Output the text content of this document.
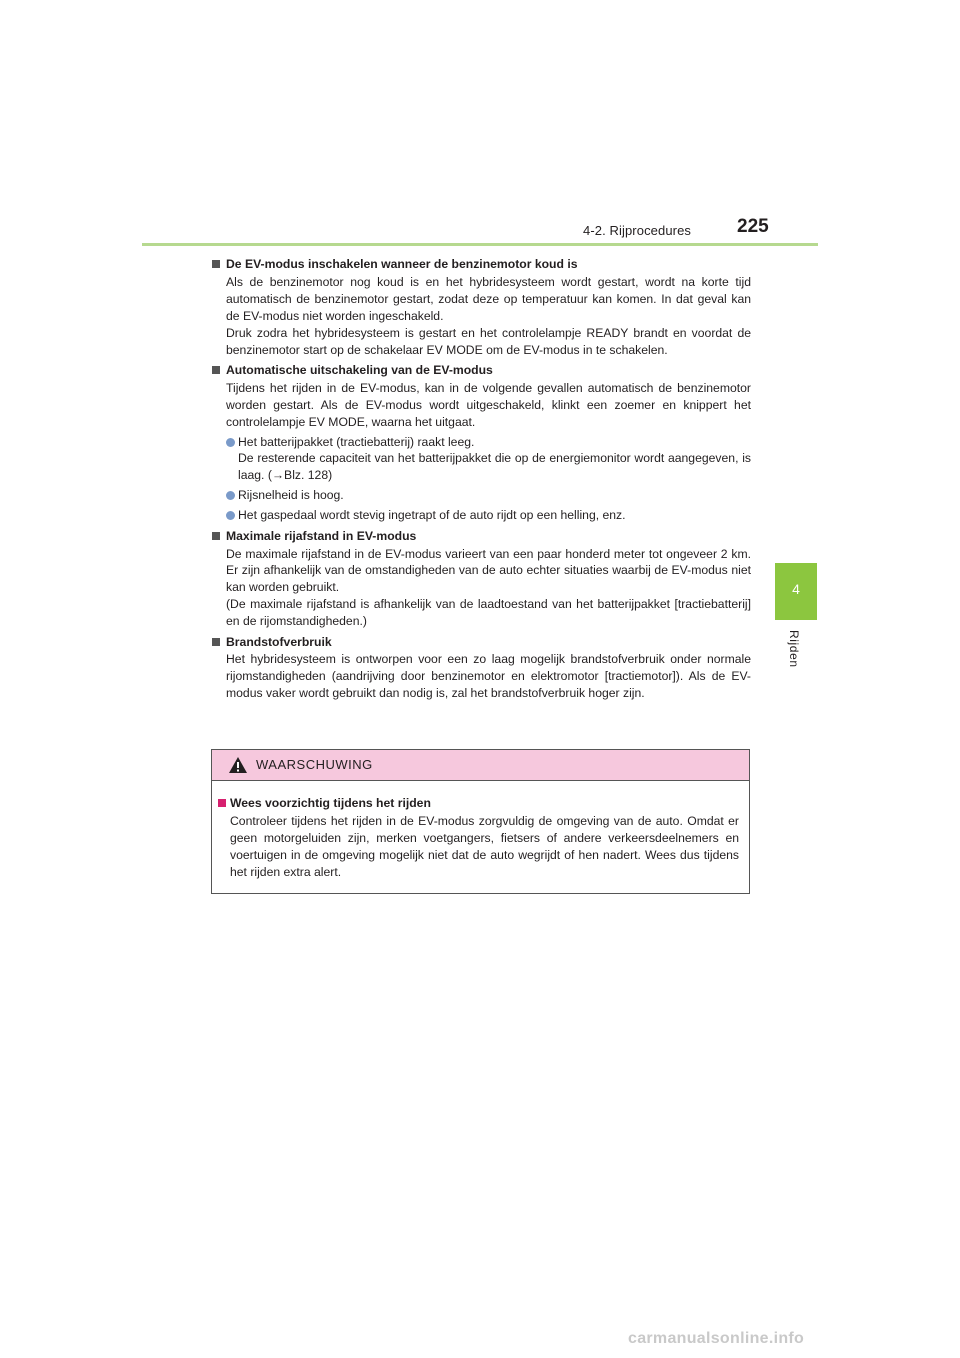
4-2. Rijprocedures 225
4
Rijden
De EV-modus inschakelen wanneer de benzinemotor koud is
Als de benzinemotor nog koud is en het hybridesysteem wordt gestart, wordt na korte tijd automatisch de benzinemotor gestart, zodat deze op temperatuur kan komen. In dat geval kan de EV-modus niet worden ingeschakeld.
Druk zodra het hybridesysteem is gestart en het controlelampje READY brandt en voordat de benzinemotor start op de schakelaar EV MODE om de EV-modus in te schakelen.
Automatische uitschakeling van de EV-modus
Tijdens het rijden in de EV-modus, kan in de volgende gevallen automatisch de benzinemotor worden gestart. Als de EV-modus wordt uitgeschakeld, klinkt een zoemer en knippert het controlelampje EV MODE, waarna het uitgaat.
Het batterijpakket (tractiebatterij) raakt leeg.
De resterende capaciteit van het batterijpakket die op de energiemonitor wordt aangegeven, is laag. (→Blz. 128)
Rijsnelheid is hoog.
Het gaspedaal wordt stevig ingetrapt of de auto rijdt op een helling, enz.
Maximale rijafstand in EV-modus
De maximale rijafstand in de EV-modus varieert van een paar honderd meter tot ongeveer 2 km. Er zijn afhankelijk van de omstandigheden van de auto echter situaties waarbij de EV-modus niet kan worden gebruikt.
(De maximale rijafstand is afhankelijk van de laadtoestand van het batterijpakket [tractiebatterij] en de rijomstandigheden.)
Brandstofverbruik
Het hybridesysteem is ontworpen voor een zo laag mogelijk brandstofverbruik onder normale rijomstandigheden (aandrijving door benzinemotor en elektromotor [tractiemotor]). Als de EV-modus vaker wordt gebruikt dan nodig is, zal het brandstofverbruik hoger zijn.
WAARSCHUWING
Wees voorzichtig tijdens het rijden
Controleer tijdens het rijden in de EV-modus zorgvuldig de omgeving van de auto. Omdat er geen motorgeluiden zijn, merken voetgangers, fietsers of andere verkeersdeelnemers en voertuigen in de omgeving mogelijk niet dat de auto wegrijdt of hen nadert. Wees dus tijdens het rijden extra alert.
carmanualsonline.info
